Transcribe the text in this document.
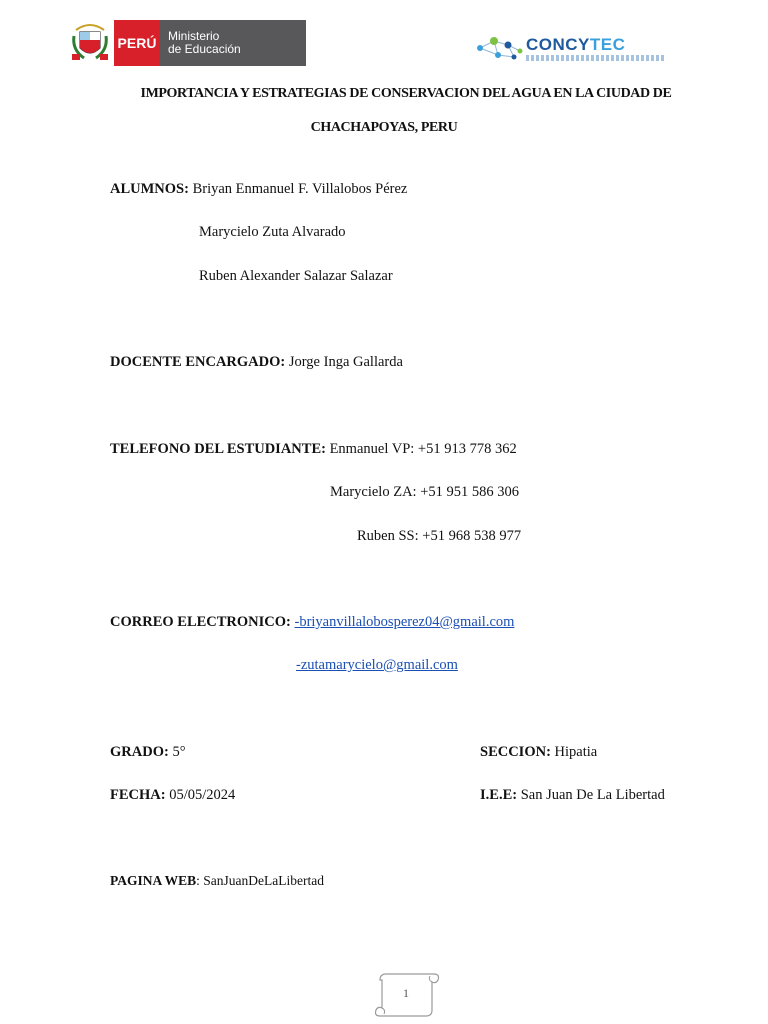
PERÚ Ministerio
de Educación	CONCYTEC
IMPORTANCIA Y ESTRATEGIAS DE CONSERVACION DEL AGUA EN LA CIUDAD DE
CHACHAPOYAS, PERU
ALUMNOS: Briyan Enmanuel F. Villalobos Pérez
Marycielo Zuta Alvarado
Ruben Alexander Salazar Salazar
DOCENTE ENCARGADO: Jorge Inga Gallarda
TELEFONO DEL ESTUDIANTE: Enmanuel VP: +51 913 778 362
Marycielo ZA: +51 951 586 306
Ruben SS: +51 968 538 977
CORREO ELECTRONICO: -briyanvillalobosperez04@gmail.com
-zutamarycielo@gmail.com
GRADO: 5°	SECCION: Hipatia
FECHA: 05/05/2024	I.E.E: San Juan De La Libertad
PAGINA WEB: SanJuanDeLaLibertad
1
